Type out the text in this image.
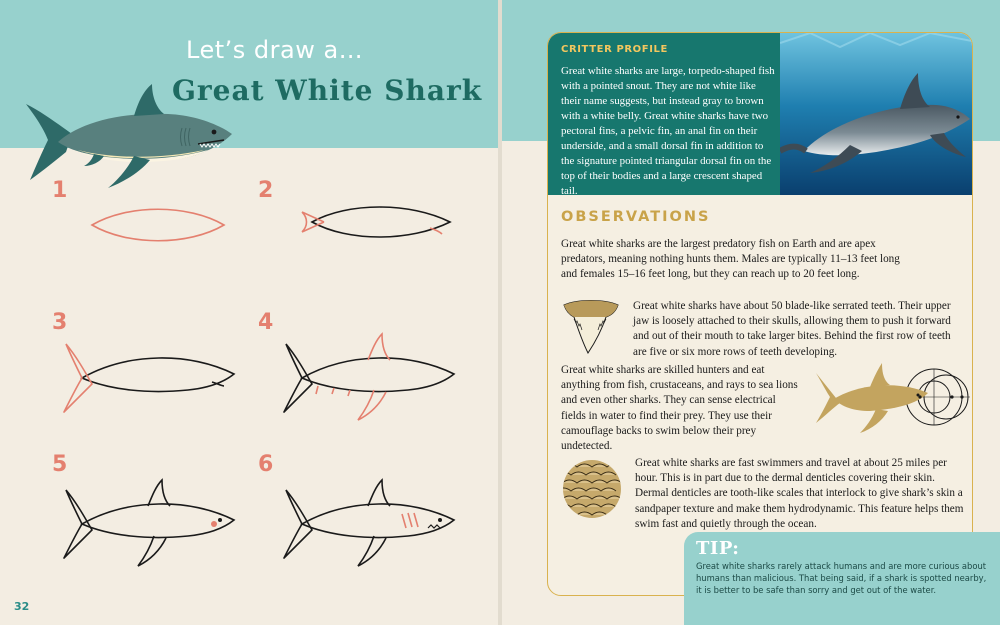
Let’s draw a…
Great White Shark
1	2
3	4
5	6
32
CRITTER PROFILE
Great white sharks are large, torpedo-shaped fish with a pointed snout. They are not white like their name suggests, but instead gray to brown with a white belly. Great white sharks have two pectoral fins, a pelvic fin, an anal fin on their underside, and a small dorsal fin in addition to the signature pointed triangular dorsal fin on the top of their bodies and a large crescent shaped tail.
OBSERVATIONS
Great white sharks are the largest predatory fish on Earth and are apex predators, meaning nothing hunts them. Males are typically 11–13 feet long and females 15–16 feet long, but they can reach up to 20 feet long.
Great white sharks have about 50 blade-like serrated teeth. Their upper jaw is loosely attached to their skulls, allowing them to push it forward and out of their mouth to take larger bites. Behind the first row of teeth are five or six more rows of teeth developing.
Great white sharks are skilled hunters and eat anything from fish, crustaceans, and rays to sea lions and even other sharks. They can sense electrical fields in water to find their prey. They use their camouflage backs to swim below their prey undetected.
Great white sharks are fast swimmers and travel at about 25 miles per hour. This is in part due to the dermal denticles covering their skin. Dermal denticles are tooth-like scales that interlock to give shark’s skin a sandpaper texture and make them hydrodynamic. This feature helps them swim fast and quietly through the ocean.
TIP:
Great white sharks rarely attack humans and are more curious about humans than malicious. That being said, if a shark is spotted nearby, it is better to be safe than sorry and get out of the water.
